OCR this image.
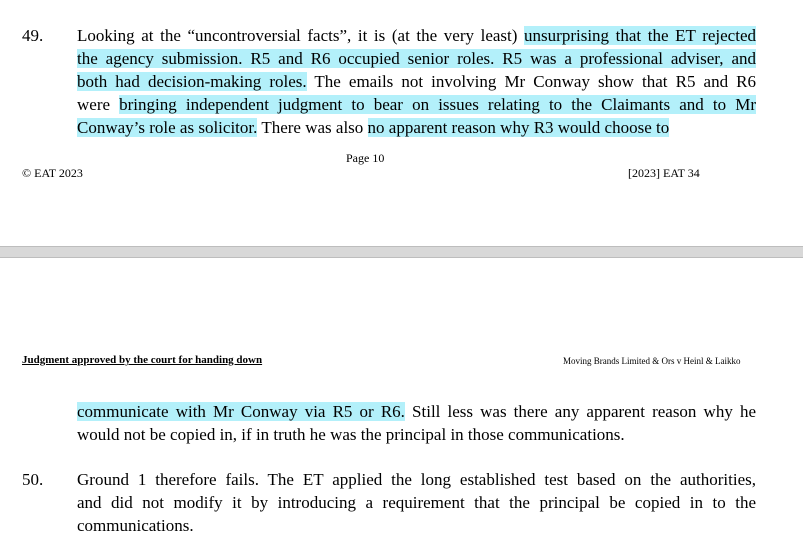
49. Looking at the “uncontroversial facts”, it is (at the very least) unsurprising that the ET rejected
the agency submission. R5 and R6 occupied senior roles. R5 was a professional adviser, and
both had decision-making roles. The emails not involving Mr Conway show that R5 and R6
were bringing independent judgment to bear on issues relating to the Claimants and to Mr
Conway’s role as solicitor. There was also no apparent reason why R3 would choose to
Page 10
© EAT 2023	[2023] EAT 34
Judgment approved by the court for handing down	Moving Brands Limited & Ors v Heinl & Laikko
communicate with Mr Conway via R5 or R6. Still less was there any apparent reason why he
would not be copied in, if in truth he was the principal in those communications.
50. Ground 1 therefore fails. The ET applied the long established test based on the authorities,
and did not modify it by introducing a requirement that the principal be copied in to the
communications.
